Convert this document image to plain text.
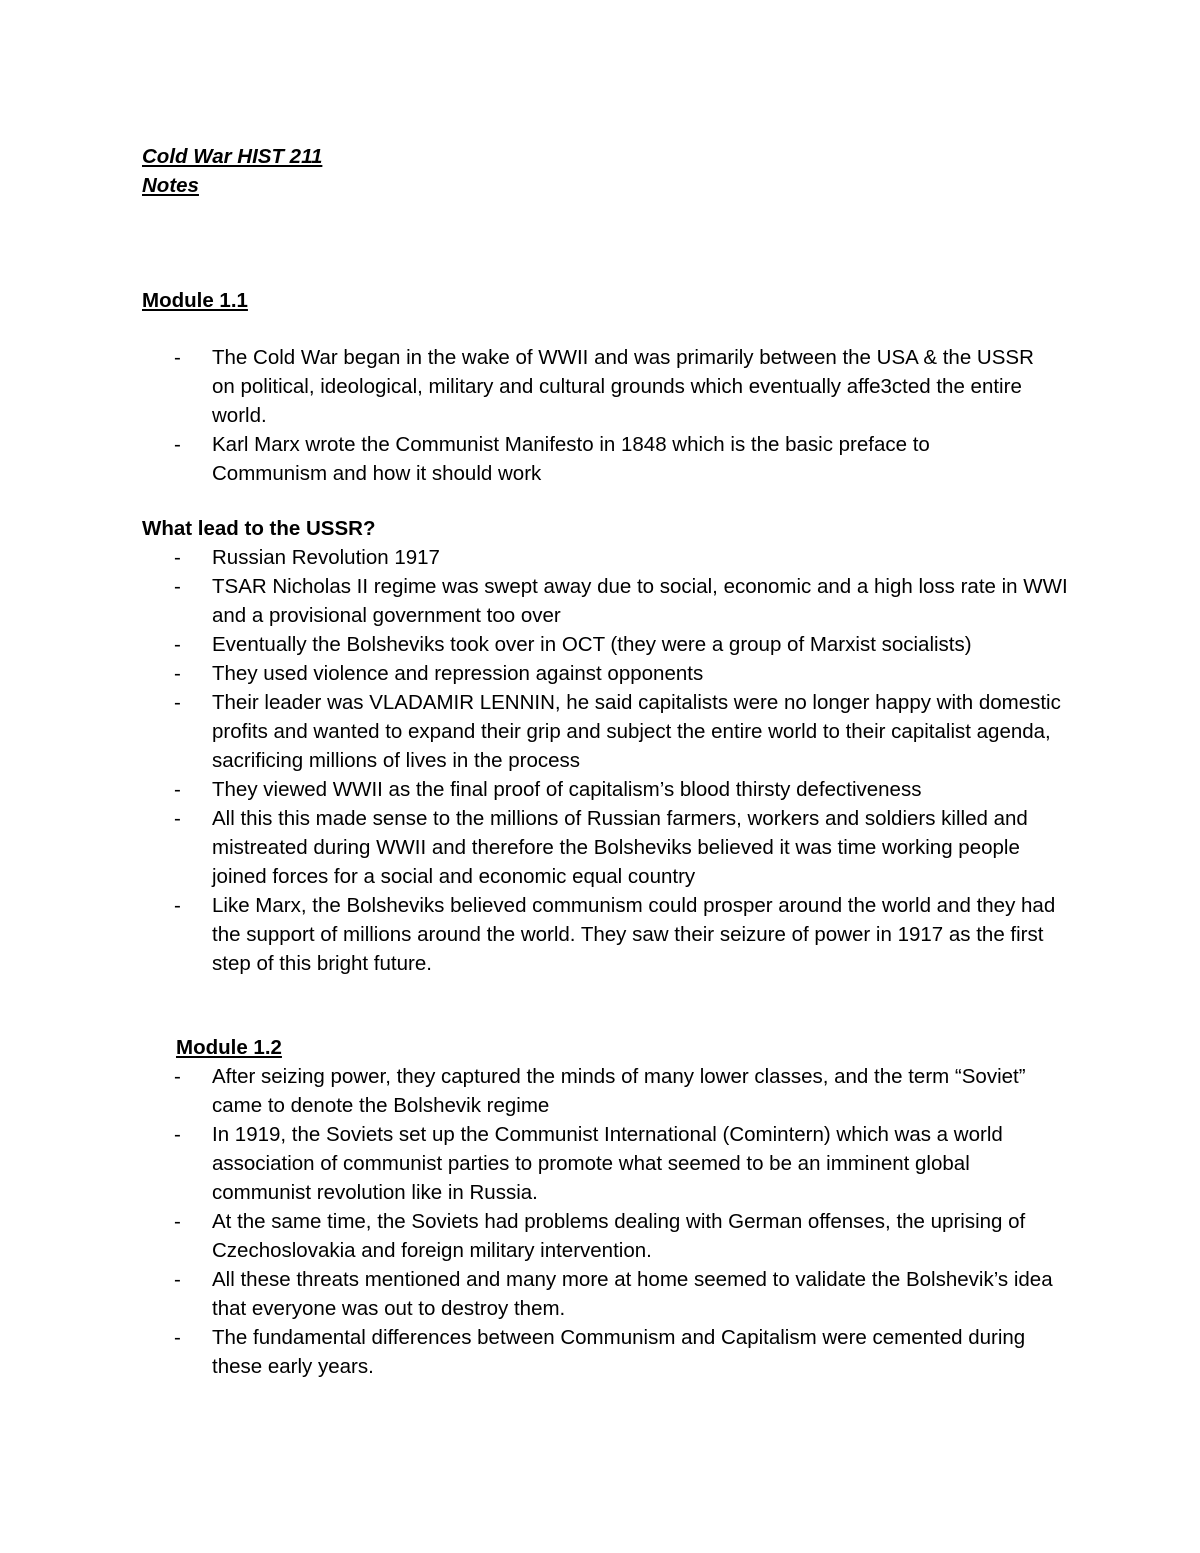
Cold War HIST 211
Notes
Module 1.1
- The Cold War began in the wake of WWII and was primarily between the USA & the USSR on political, ideological, military and cultural grounds which eventually affe3cted the entire world.
- Karl Marx wrote the Communist Manifesto in 1848 which is the basic preface to Communism and how it should work
What lead to the USSR?
- Russian Revolution 1917
- TSAR Nicholas II regime was swept away due to social, economic and a high loss rate in WWI and a provisional government too over
- Eventually the Bolsheviks took over in OCT (they were a group of Marxist socialists)
- They used violence and repression against opponents
- Their leader was VLADAMIR LENNIN, he said capitalists were no longer happy with domestic profits and wanted to expand their grip and subject the entire world to their capitalist agenda, sacrificing millions of lives in the process
- They viewed WWII as the final proof of capitalism’s blood thirsty defectiveness
- All this this made sense to the millions of Russian farmers, workers and soldiers killed and mistreated during WWII and therefore the Bolsheviks believed it was time working people joined forces for a social and economic equal country
- Like Marx, the Bolsheviks believed communism could prosper around the world and they had the support of millions around the world. They saw their seizure of power in 1917 as the first step of this bright future.
Module 1.2
- After seizing power, they captured the minds of many lower classes, and the term “Soviet” came to denote the Bolshevik regime
- In 1919, the Soviets set up the Communist International (Comintern) which was a world association of communist parties to promote what seemed to be an imminent global communist revolution like in Russia.
- At the same time, the Soviets had problems dealing with German offenses, the uprising of Czechoslovakia and foreign military intervention.
- All these threats mentioned and many more at home seemed to validate the Bolshevik’s idea that everyone was out to destroy them.
- The fundamental differences between Communism and Capitalism were cemented during these early years.
